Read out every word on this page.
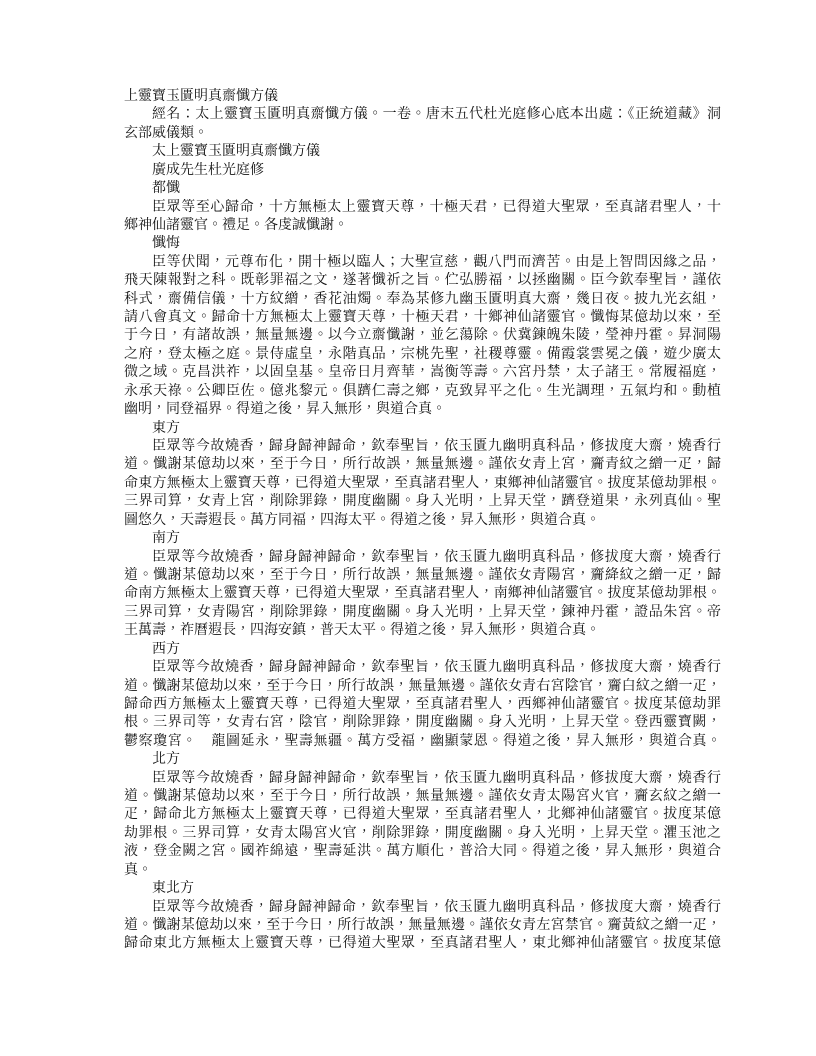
上靈寶玉匱明真齋懺方儀
經名：太上靈寶玉匱明真齋懺方儀。一卷。唐末五代杜光庭修心底本出處：《正統道藏》洞
玄部威儀類。
太上靈寶玉匱明真齋懺方儀
廣成先生杜光庭修
都懺
臣眾等至心歸命，十方無極太上靈寶天尊，十極天君，已得道大聖眾，至真諸君聖人，十
鄉神仙諸靈官。禮足。各虔誠懺謝。
懺悔
臣等伏聞，元尊布化，開十極以臨人；大聖宣慈，觀八門而濟苦。由是上智問因緣之品，
飛天陳報對之科。既彰罪福之文，遂著懺祈之旨。伫弘勝福，以拯幽關。臣今欽奉聖旨，謹依
科式，齋備信儀，十方紋繒，香花油燭。奉為某修九幽玉匱明真大齋，幾日夜。披九光玄組，
請八會真文。歸命十方無極太上靈寶天尊，十極天君，十鄉神仙諸靈官。懺悔某億劫以來，至
于今日，有諸故誤，無量無邊。以今立齋懺謝，並乞蕩除。伏冀鍊魄朱陵，瑩神丹霍。昇洞陽
之府，登太極之庭。景侍虛皇，永階真品，宗桃先聖，社稷尊靈。備霞裳雲冕之儀，遊少廣太
微之域。克昌洪祚，以固皇基。皇帝日月齊華，嵩衡等壽。六宮丹禁，太子諸王。常履福庭，
永承天祿。公卿臣佐。億兆黎元。俱躋仁壽之鄉，克致昇平之化。生光調理，五氣均和。動植
幽明，同登福界。得道之後，昇入無形，與道合真。
東方
臣眾等今故燒香，歸身歸神歸命，欽奉聖旨，依玉匱九幽明真科品，修拔度大齋，燒香行
道。懺謝某億劫以來，至于今日，所行故誤，無量無邊。謹依女青上宮，齎青紋之繒一疋，歸
命東方無極太上靈寶天尊，已得道大聖眾，至真諸君聖人，東鄉神仙諸靈官。拔度某億劫罪根。
三界司算，女青上宮，削除罪錄，開度幽關。身入光明，上昇天堂，躋登道果，永列真仙。聖
圖悠久，天壽遐長。萬方同福，四海太平。得道之後，昇入無形，與道合真。
南方
臣眾等今故燒香，歸身歸神歸命，欽奉聖旨，依玉匱九幽明真科品，修拔度大齋，燒香行
道。懺謝某億劫以來，至于今日，所行故誤，無量無邊。謹依女青陽宮，齎絳紋之繒一疋，歸
命南方無極太上靈寶天尊，已得道大聖眾，至真諸君聖人，南鄉神仙諸靈官。拔度某億劫罪根。
三界司算，女青陽宮，削除罪錄，開度幽關。身入光明，上昇天堂，鍊神丹霍，證品朱宮。帝
王萬壽，祚曆遐長，四海安鎮，普天太平。得道之後，昇入無形，與道合真。
西方
臣眾等今故燒香，歸身歸神歸命，欽奉聖旨，依玉匱九幽明真科品，修拔度大齋，燒香行
道。懺謝某億劫以來，至于今日，所行故誤，無量無邊。謹依女青右宮陰官，齎白紋之繒一疋，
歸命西方無極太上靈寶天尊，已得道大聖眾，至真諸君聖人，西鄉神仙諸靈官。拔度某億劫罪
根。三界司等，女青右宮，陰官，削除罪錄，開度幽關。身入光明，上昇天堂。登西靈寶闕，
鬱察瓊宮。　龍圖延永，聖壽無疆。萬方受福，幽顯蒙恩。得道之後，昇入無形，與道合真。
北方
臣眾等今故燒香，歸身歸神歸命，欽奉聖旨，依玉匱九幽明真科品，修拔度大齋，燒香行
道。懺謝某億劫以來，至于今日，所行故誤，無量無邊。謹依女青太陽宮火官，齎玄紋之繒一
疋，歸命北方無極太上靈寶天尊，已得道大聖眾，至真諸君聖人，北鄉神仙諸靈官。拔度某億
劫罪根。三界司算，女青太陽宮火官，削除罪錄，開度幽關。身入光明，上昇天堂。灈玉池之
液，登金闕之宮。國祚綿遠，聖壽延洪。萬方順化，普洽大同。得道之後，昇入無形，與道合
真。
東北方
臣眾等今故燒香，歸身歸神歸命，欽奉聖旨，依玉匱九幽明真科品，修拔度大齋，燒香行
道。懺謝某億劫以來，至于今日，所行故誤，無量無邊。謹依女青左宮禁官。齎黃紋之繒一疋，
歸命東北方無極太上靈寶天尊，已得道大聖眾，至真諸君聖人，東北鄉神仙諸靈官。拔度某億
